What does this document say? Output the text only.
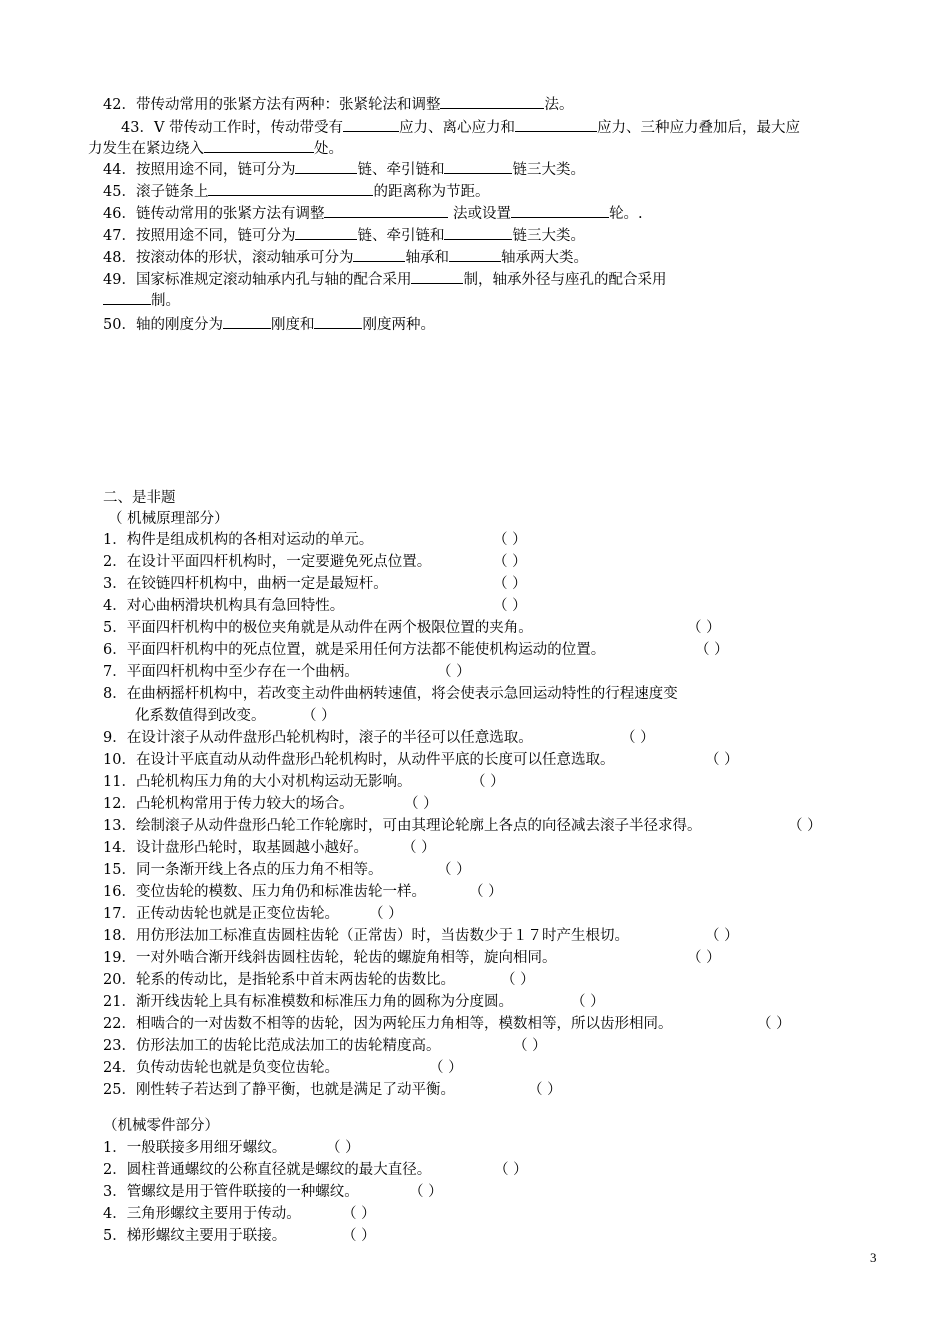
42．带传动常用的张紧方法有两种：张紧轮法和调整	法。
43．V 带传动工作时，传动带受有	应力、离心应力和	应力、三种应力叠加后，最大应
力发生在紧边绕入	处。
44．按照用途不同，链可分为	链、牵引链和	链三大类。
45．滚子链条上	的距离称为节距。
46．链传动常用的张紧方法有调整	法或设置	轮。.
47．按照用途不同，链可分为	链、牵引链和	链三大类。
48．按滚动体的形状，滚动轴承可分为	轴承和	轴承两大类。
49．国家标准规定滚动轴承内孔与轴的配合采用	制，轴承外径与座孔的配合采用
制。
50．轴的刚度分为	刚度和	刚度两种。
二、是非题
（ 机械原理部分）
1．构件是组成机构的各相对运动的单元。	（ ）
2．在设计平面四杆机构时，一定要避免死点位置。	（ ）
3．在铰链四杆机构中，曲柄一定是最短杆。	（ ）
4．对心曲柄滑块机构具有急回特性。	（ ）
5．平面四杆机构中的极位夹角就是从动件在两个极限位置的夹角。	（ ）
6．平面四杆机构中的死点位置，就是采用任何方法都不能使机构运动的位置。	（ ）
7．平面四杆机构中至少存在一个曲柄。	（ ）
8．在曲柄摇杆机构中，若改变主动件曲柄转速值，将会使表示急回运动特性的行程速度变
化系数值得到改变。	（ ）
9．在设计滚子从动件盘形凸轮机构时，滚子的半径可以任意选取。	（ ）
10．在设计平底直动从动件盘形凸轮机构时，从动件平底的长度可以任意选取。	（ ）
11．凸轮机构压力角的大小对机构运动无影响。	（ ）
12．凸轮机构常用于传力较大的场合。	（ ）
13．绘制滚子从动件盘形凸轮工作轮廓时，可由其理论轮廓上各点的向径减去滚子半径求得。	（ ）
14．设计盘形凸轮时，取基圆越小越好。 （ ）
15．同一条渐开线上各点的压力角不相等。	（ ）
16．变位齿轮的模数、压力角仍和标准齿轮一样。	（ ）
17．正传动齿轮也就是正变位齿轮。 （ ）
18．用仿形法加工标准直齿圆柱齿轮（正常齿）时，当齿数少于１７时产生根切。	（ ）
19．一对外啮合渐开线斜齿圆柱齿轮，轮齿的螺旋角相等，旋向相同。	（ ）
20．轮系的传动比，是指轮系中首末两齿轮的齿数比。	（ ）
21．渐开线齿轮上具有标准模数和标准压力角的圆称为分度圆。	（ ）
22．相啮合的一对齿数不相等的齿轮，因为两轮压力角相等，模数相等，所以齿形相同。	（ ）
23．仿形法加工的齿轮比范成法加工的齿轮精度高。	（ ）
24．负传动齿轮也就是负变位齿轮。	（ ）
25．刚性转子若达到了静平衡，也就是满足了动平衡。	（ ）
（机械零件部分）
1．一般联接多用细牙螺纹。	（ ）
2．圆柱普通螺纹的公称直径就是螺纹的最大直径。	（ ）
3．管螺纹是用于管件联接的一种螺纹。	（ ）
4．三角形螺纹主要用于传动。	（ ）
5．梯形螺纹主要用于联接。	（ ）
3
